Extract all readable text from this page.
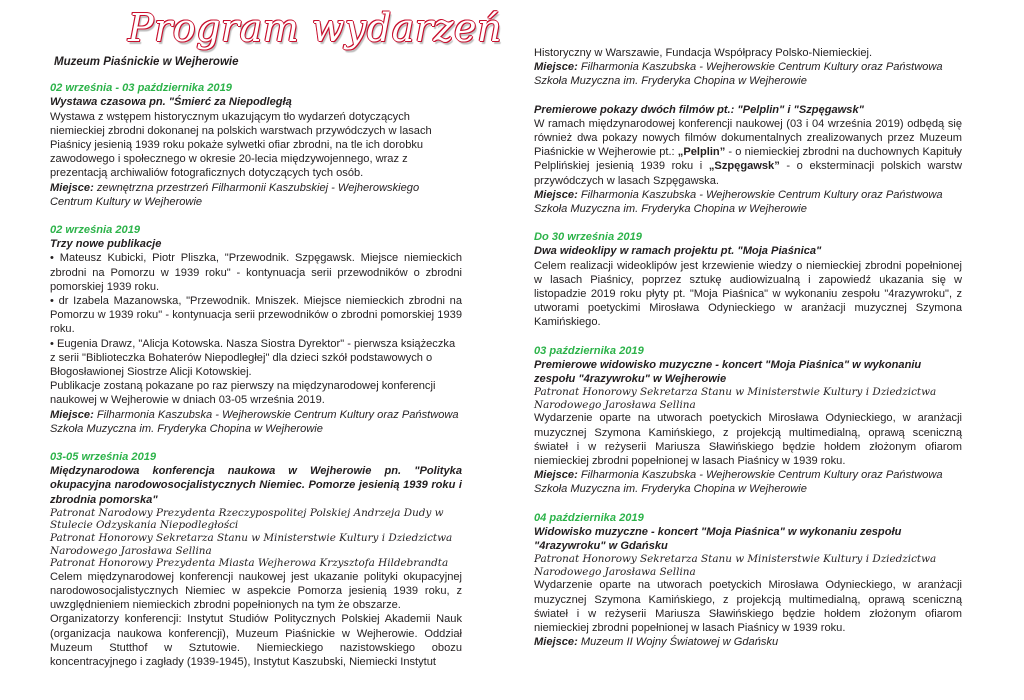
Program wydarzeń

Muzeum Piaśnickie w Wejherowie

02 września - 03 października 2019

Wystawa czasowa pn. "Śmierć za Niepodległą

Wystawa z wstępem historycznym ukazującym tło wydarzeń dotyczących niemieckiej zbrodni dokonanej na polskich warstwach przywódczych w lasach Piaśnicy jesienią 1939 roku pokaże sylwetki ofiar zbrodni, na tle ich dorobku zawodowego i społecznego w okresie 20-lecia międzywojennego, wraz z prezentacją archiwaliów fotograficznych dotyczących tych osób.

Miejsce: zewnętrzna przestrzeń Filharmonii Kaszubskiej - Wejherowskiego Centrum Kultury w Wejherowie

02 września 2019

Trzy nowe publikacje

• Mateusz Kubicki, Piotr Pliszka, "Przewodnik. Szpęgawsk. Miejsce niemieckich zbrodni na Pomorzu w 1939 roku" - kontynuacja serii przewodników o zbrodni pomorskiej 1939 roku.

• dr Izabela Mazanowska, "Przewodnik. Mniszek. Miejsce niemieckich zbrodni na Pomorzu w 1939 roku" - kontynuacja serii przewodników o zbrodni pomorskiej 1939 roku.

• Eugenia Drawz, "Alicja Kotowska. Nasza Siostra Dyrektor" - pierwsza książeczka z serii "Biblioteczka Bohaterów Niepodległej" dla dzieci szkół podstawowych o Błogosławionej Siostrze Alicji Kotowskiej.

Publikacje zostaną pokazane po raz pierwszy na międzynarodowej konferencji naukowej w Wejherowie w dniach 03-05 września 2019.

Miejsce: Filharmonia Kaszubska - Wejherowskie Centrum Kultury oraz Państwowa Szkoła Muzyczna im. Fryderyka Chopina w Wejherowie

03-05 września 2019

Międzynarodowa konferencja naukowa w Wejherowie pn. "Polityka okupacyjna narodowosocjalistycznych Niemiec. Pomorze jesienią 1939 roku i zbrodnia pomorska"

Patronat Narodowy Prezydenta Rzeczypospolitej Polskiej Andrzeja Dudy w Stulecie Odzyskania Niepodległości

Patronat Honorowy Sekretarza Stanu w Ministerstwie Kultury i Dziedzictwa Narodowego Jarosława Sellina

Patronat Honorowy Prezydenta Miasta Wejherowa Krzysztofa Hildebrandta

Celem międzynarodowej konferencji naukowej jest ukazanie polityki okupacyjnej narodowosocjalistycznych Niemiec w aspekcie Pomorza jesienią 1939 roku, z uwzględnieniem niemieckich zbrodni popełnionych na tym że obszarze.

Organizatorzy konferencji: Instytut Studiów Politycznych Polskiej Akademii Nauk (organizacja naukowa konferencji), Muzeum Piaśnickie w Wejherowie. Oddział Muzeum Stutthof w Sztutowie. Niemieckiego nazistowskiego obozu koncentracyjnego i zagłady (1939-1945), Instytut Kaszubski, Niemiecki Instytut

Historyczny w Warszawie, Fundacja Współpracy Polsko-Niemieckiej.

Miejsce: Filharmonia Kaszubska - Wejherowskie Centrum Kultury oraz Państwowa Szkoła Muzyczna im. Fryderyka Chopina w Wejherowie

Premierowe pokazy dwóch filmów pt.: "Pelplin" i "Szpęgawsk"

W ramach międzynarodowej konferencji naukowej (03 i 04 września 2019) odbędą się również dwa pokazy nowych filmów dokumentalnych zrealizowanych przez Muzeum Piaśnickie w Wejherowie pt.: „Pelplin” - o niemieckiej zbrodni na duchownych Kapituły Pelplińskiej jesienią 1939 roku i „Szpęgawsk” - o eksterminacji polskich warstw przywódczych w lasach Szpęgawska.

Miejsce: Filharmonia Kaszubska - Wejherowskie Centrum Kultury oraz Państwowa Szkoła Muzyczna im. Fryderyka Chopina w Wejherowie

Do 30 września 2019

Dwa wideoklipy w ramach projektu pt. "Moja Piaśnica"

Celem realizacji wideoklipów jest krzewienie wiedzy o niemieckiej zbrodni popełnionej w lasach Piaśnicy, poprzez sztukę audiowizualną i zapowiedź ukazania się w listopadzie 2019 roku płyty pt. "Moja Piaśnica" w wykonaniu zespołu "4razywroku", z utworami poetyckimi Mirosława Odynieckiego w aranżacji muzycznej Szymona Kamińskiego.

03 października 2019

Premierowe widowisko muzyczne - koncert "Moja Piaśnica" w wykonaniu zespołu "4razywroku" w Wejherowie

Patronat Honorowy Sekretarza Stanu w Ministerstwie Kultury i Dziedzictwa Narodowego Jarosława Sellina

Wydarzenie oparte na utworach poetyckich Mirosława Odynieckiego, w aranżacji muzycznej Szymona Kamińskiego, z projekcją multimedialną, oprawą sceniczną świateł i w reżyserii Mariusza Sławińskiego będzie hołdem złożonym ofiarom niemieckiej zbrodni popełnionej w lasach Piaśnicy w 1939 roku.

Miejsce: Filharmonia Kaszubska - Wejherowskie Centrum Kultury oraz Państwowa Szkoła Muzyczna im. Fryderyka Chopina w Wejherowie

04 października 2019

Widowisko muzyczne - koncert "Moja Piaśnica" w wykonaniu zespołu "4razywroku" w Gdańsku

Patronat Honorowy Sekretarza Stanu w Ministerstwie Kultury i Dziedzictwa Narodowego Jarosława Sellina

Wydarzenie oparte na utworach poetyckich Mirosława Odynieckiego, w aranżacji muzycznej Szymona Kamińskiego, z projekcją multimedialną, oprawą sceniczną świateł i w reżyserii Mariusza Sławińskiego będzie hołdem złożonym ofiarom niemieckiej zbrodni popełnionej w lasach Piaśnicy w 1939 roku.

Miejsce: Muzeum II Wojny Światowej w Gdańsku
